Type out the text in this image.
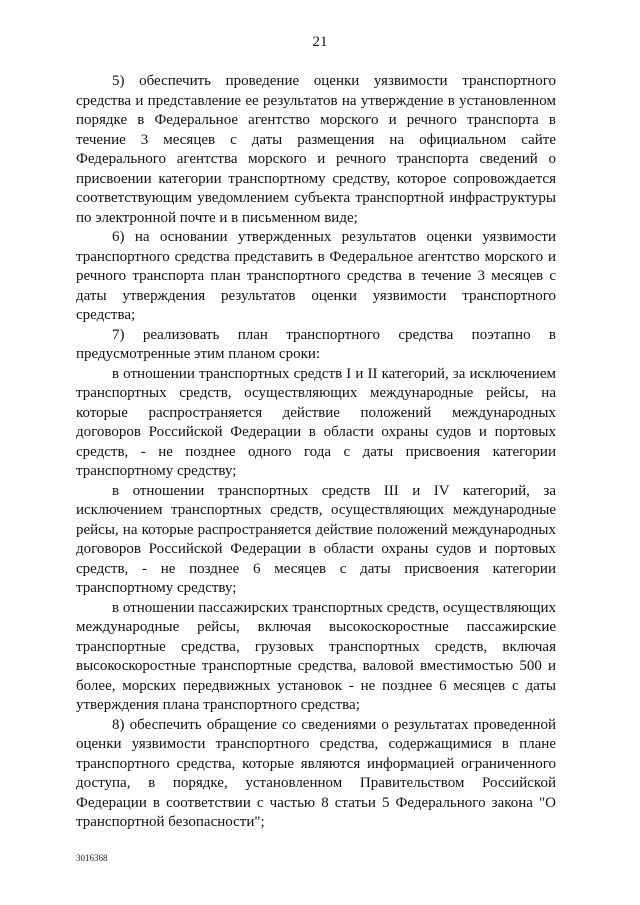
21

5) обеспечить проведение оценки уязвимости транспортного средства и представление ее результатов на утверждение в установленном порядке в Федеральное агентство морского и речного транспорта в течение 3 месяцев с даты размещения на официальном сайте Федерального агентства морского и речного транспорта сведений о присвоении категории транспортному средству, которое сопровождается соответствующим уведомлением субъекта транспортной инфраструктуры по электронной почте и в письменном виде;

6) на основании утвержденных результатов оценки уязвимости транспортного средства представить в Федеральное агентство морского и речного транспорта план транспортного средства в течение 3 месяцев с даты утверждения результатов оценки уязвимости транспортного средства;

7) реализовать план транспортного средства поэтапно в предусмотренные этим планом сроки:

в отношении транспортных средств I и II категорий, за исключением транспортных средств, осуществляющих международные рейсы, на которые распространяется действие положений международных договоров Российской Федерации в области охраны судов и портовых средств, - не позднее одного года с даты присвоения категории транспортному средству;

в отношении транспортных средств III и IV категорий, за исключением транспортных средств, осуществляющих международные рейсы, на которые распространяется действие положений международных договоров Российской Федерации в области охраны судов и портовых средств, - не позднее 6 месяцев с даты присвоения категории транспортному средству;

в отношении пассажирских транспортных средств, осуществляющих международные рейсы, включая высокоскоростные пассажирские транспортные средства, грузовых транспортных средств, включая высокоскоростные транспортные средства, валовой вместимостью 500 и более, морских передвижных установок - не позднее 6 месяцев с даты утверждения плана транспортного средства;

8) обеспечить обращение со сведениями о результатах проведенной оценки уязвимости транспортного средства, содержащимися в плане транспортного средства, которые являются информацией ограниченного доступа, в порядке, установленном Правительством Российской Федерации в соответствии с частью 8 статьи 5 Федерального закона "О транспортной безопасности";

3016368
